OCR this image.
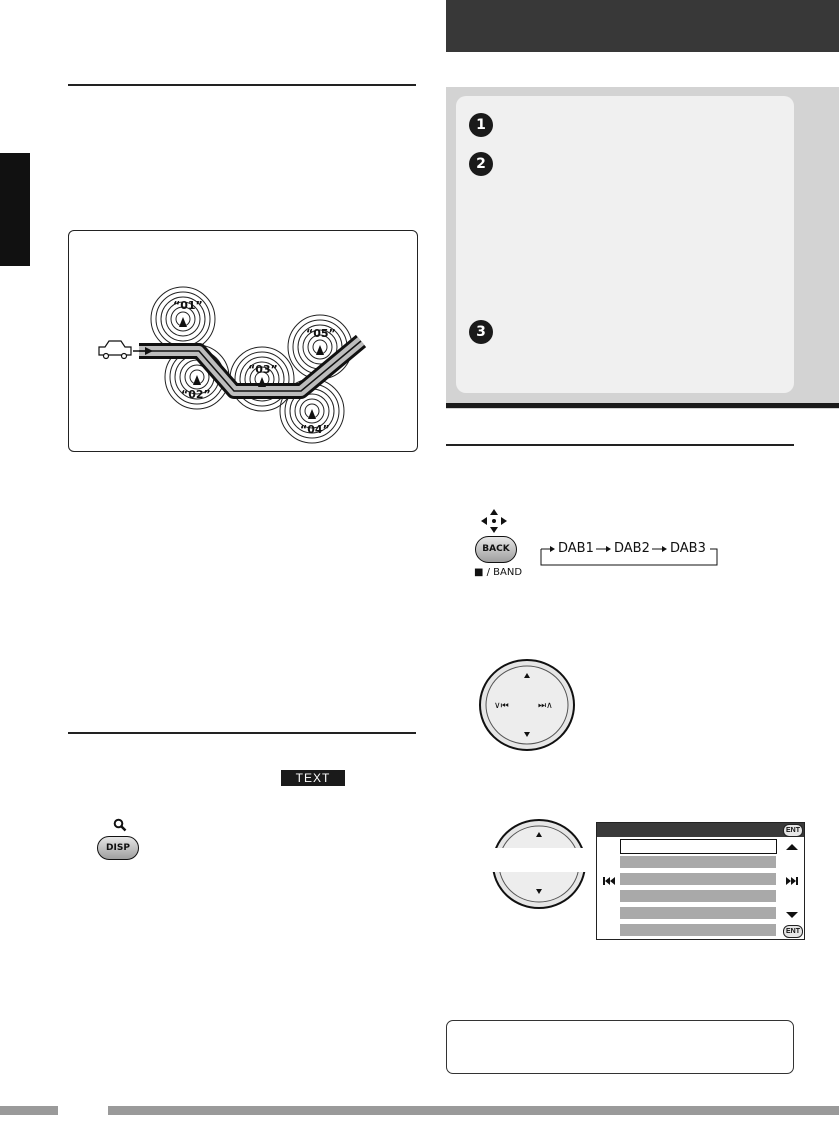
“01”
“02”
“03”
“04”
“05”
TEXT
DISP
1
2
3
BACK
■ / BAND
DAB1 DAB2 DAB3
∨⏮	⏭∧
ENT
ENT
